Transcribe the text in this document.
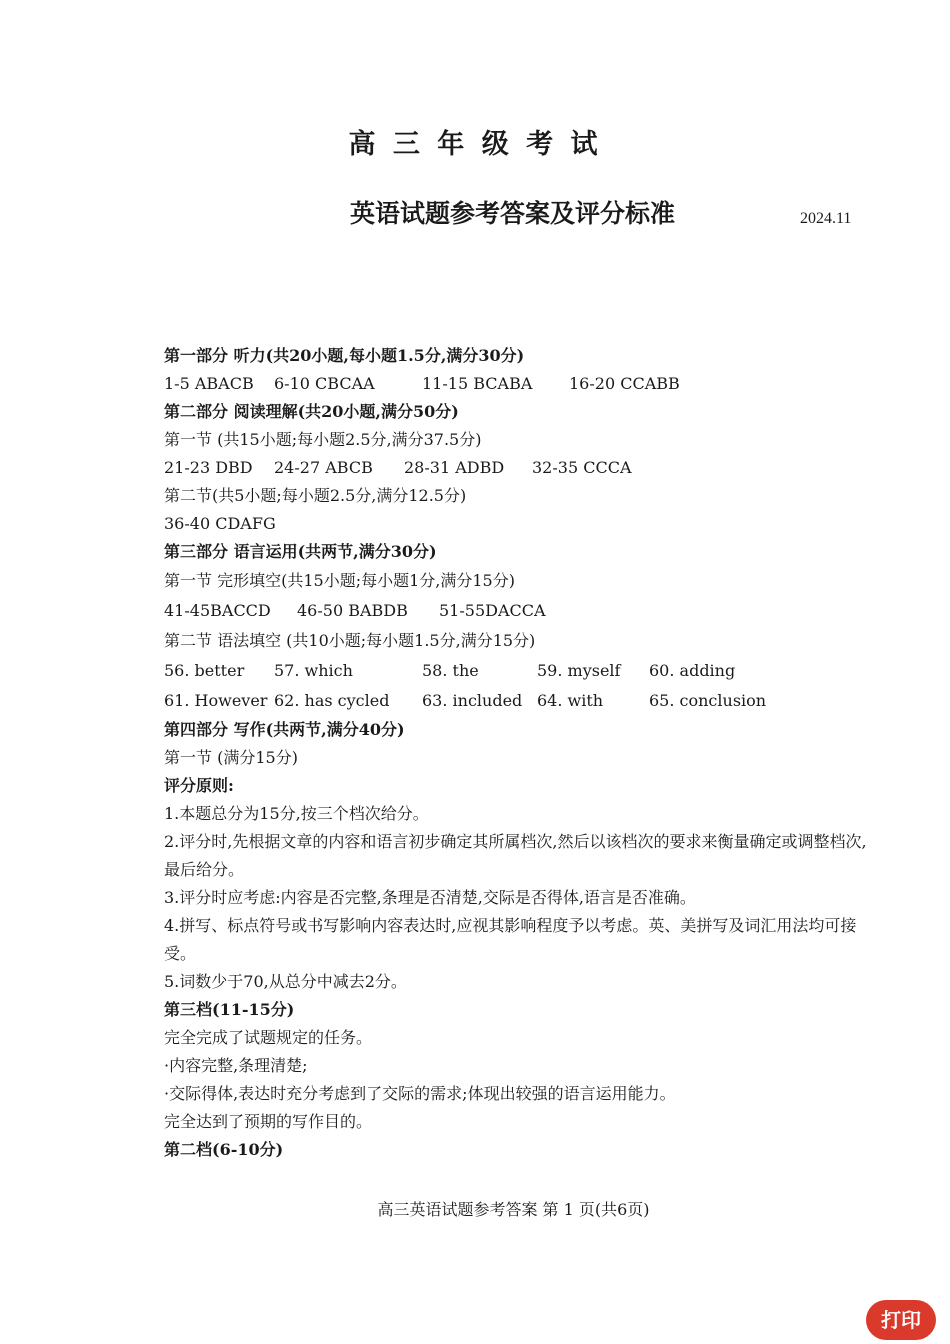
高 三 年 级 考 试
英语试题参考答案及评分标准	2024.11
第一部分 听力(共20小题,每小题1.5分,满分30分)
1-5 ABACB	6-10 CBCAA	11-15 BCABA	16-20 CCABB
第二部分 阅读理解(共20小题,满分50分)
第一节 (共15小题;每小题2.5分,满分37.5分)
21-23 DBD	24-27 ABCB	28-31 ADBD	32-35 CCCA
第二节(共5小题;每小题2.5分,满分12.5分)
36-40 CDAFG
第三部分 语言运用(共两节,满分30分)
第一节 完形填空(共15小题;每小题1分,满分15分)
41-45BACCD	46-50 BABDB	51-55DACCA
第二节 语法填空 (共10小题;每小题1.5分,满分15分)
56. better	57. which	58. the	59. myself	60. adding
61. However 62. has cycled	63. included 64. with	65. conclusion
第四部分 写作(共两节,满分40分)
第一节 (满分15分)
评分原则:
1.本题总分为15分,按三个档次给分。
2.评分时,先根据文章的内容和语言初步确定其所属档次,然后以该档次的要求来衡量确定或调整档次,最后给分。
3.评分时应考虑:内容是否完整,条理是否清楚,交际是否得体,语言是否准确。
4.拼写、标点符号或书写影响内容表达时,应视其影响程度予以考虑。英、美拼写及词汇用法均可接受。
5.词数少于70,从总分中减去2分。
第三档(11-15分)
完全完成了试题规定的任务。
·内容完整,条理清楚;
·交际得体,表达时充分考虑到了交际的需求;体现出较强的语言运用能力。
完全达到了预期的写作目的。
第二档(6-10分)
高三英语试题参考答案 第 1 页(共6页)
打印
